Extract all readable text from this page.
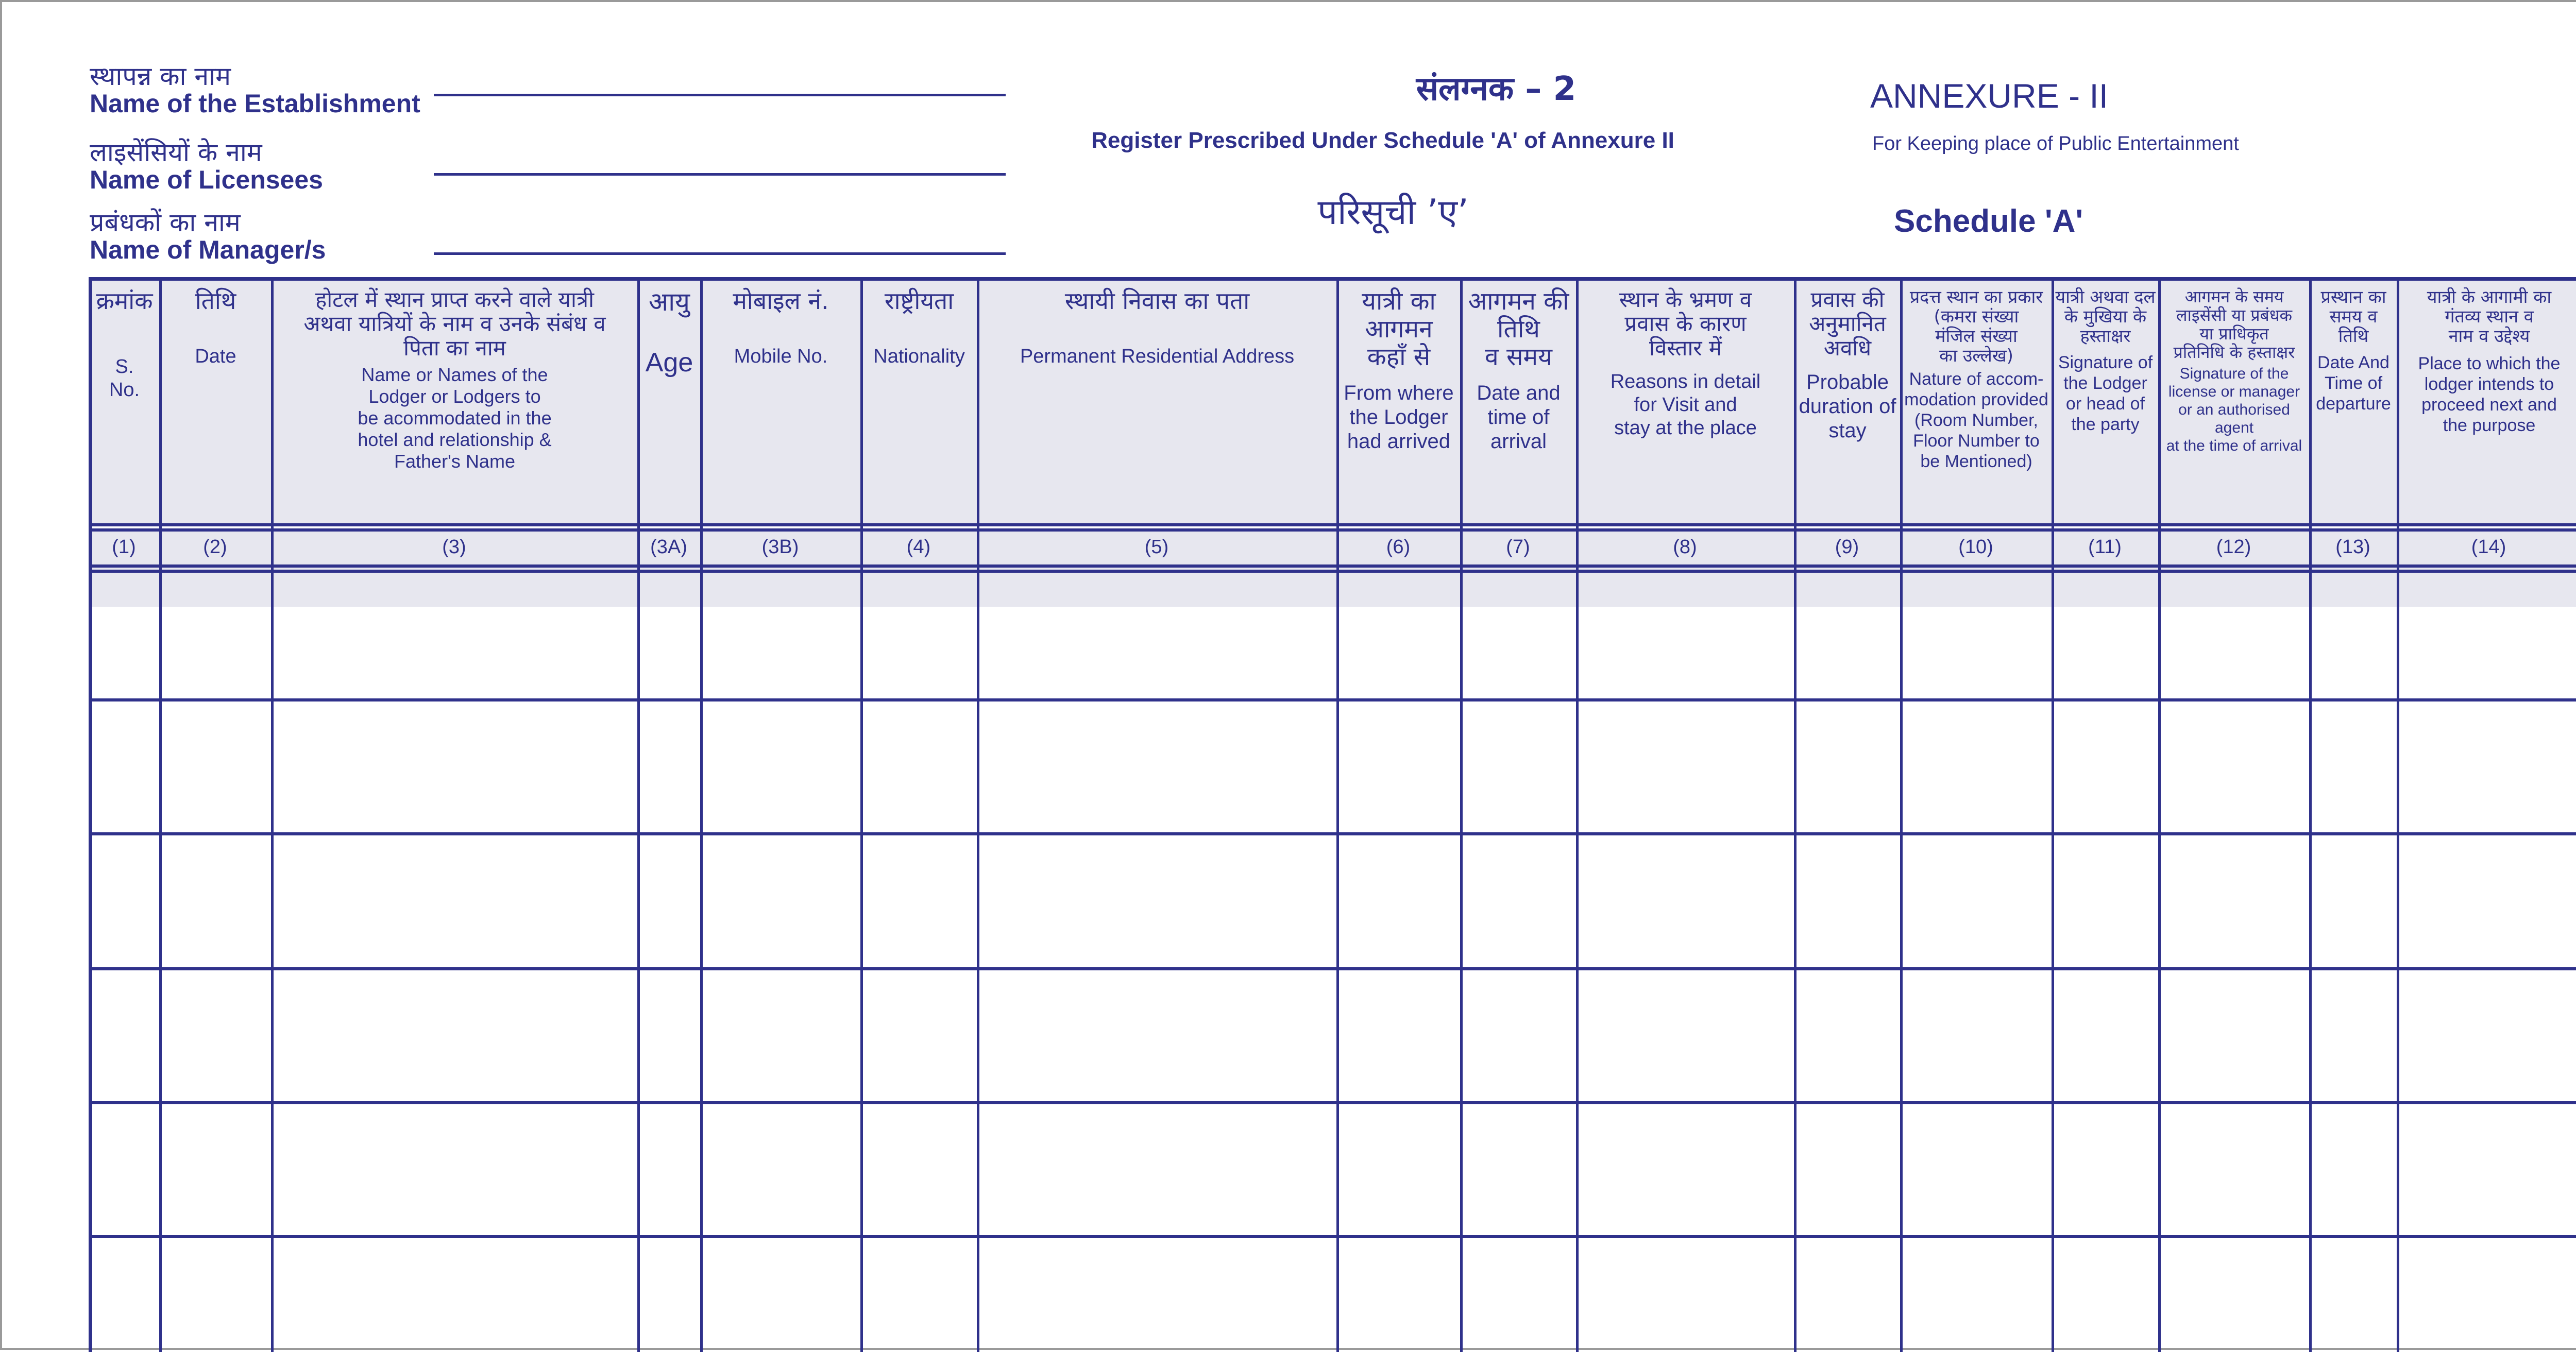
स्थापन्न का नाम
Name of the Establishment
लाइसेंसियों के नाम
Name of Licensees
प्रबंधकों का नाम
Name of Manager/s
संलग्नक – 2
Register Prescribed Under Schedule 'A' of Annexure II
परिसूची ’ए’
ANNEXURE - II
For Keeping place of Public Entertainment
Schedule 'A'
क्रमांक
S.
No.
(1)
तिथि
Date
(2)
होटल में स्थान प्राप्त करने वाले यात्री
अथवा यात्रियों के नाम व उनके संबंध व
पिता का नाम
Name or Names of the
Lodger or Lodgers to
be acommodated in the
hotel and relationship &
Father's Name
(3)
आयु
Age
(3A)
मोबाइल नं.
Mobile No.
(3B)
राष्ट्रीयता
Nationality
(4)
स्थायी निवास का पता
Permanent Residential Address
(5)
यात्री का
आगमन
कहाँ से
From where
the Lodger
had arrived
(6)
आगमन की
तिथि
व समय
Date and
time of
arrival
(7)
स्थान के भ्रमण व
प्रवास के कारण
विस्तार में
Reasons in detail
for Visit and
stay at the place
(8)
प्रवास की
अनुमानित
अवधि
Probable
duration of
stay
(9)
प्रदत्त स्थान का प्रकार
(कमरा संख्या
मंजिल संख्या
का उल्लेख)
Nature of accom-
modation provided
(Room Number,
Floor Number to
be Mentioned)
(10)
यात्री अथवा दल
के मुखिया के
हस्ताक्षर
Signature of
the Lodger
or head of
the party
(11)
आगमन के समय
लाइसेंसी या प्रबंधक
या प्राधिकृत
प्रतिनिधि के हस्ताक्षर
Signature of the
license or manager
or an authorised agent
at the time of arrival
(12)
प्रस्थान का
समय व
तिथि
Date And
Time of
departure
(13)
यात्री के आगामी का
गंतव्य स्थान व
नाम व उद्देश्य
Place to which the
lodger intends to
proceed next and
the purpose
(14)
